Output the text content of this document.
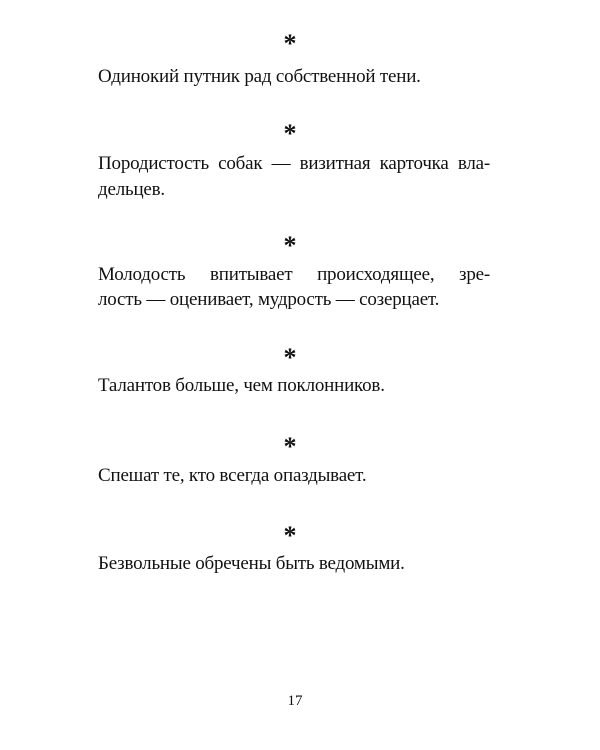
*
Одинокий путник рад собственной тени.
*
Породистость собак — визитная карточка вла-
дельцев.
*
Молодость впитывает происходящее, зре-
лость — оценивает, мудрость — созерцает.
*
Талантов больше, чем поклонников.
*
Спешат те, кто всегда опаздывает.
*
Безвольные обречены быть ведомыми.
17
